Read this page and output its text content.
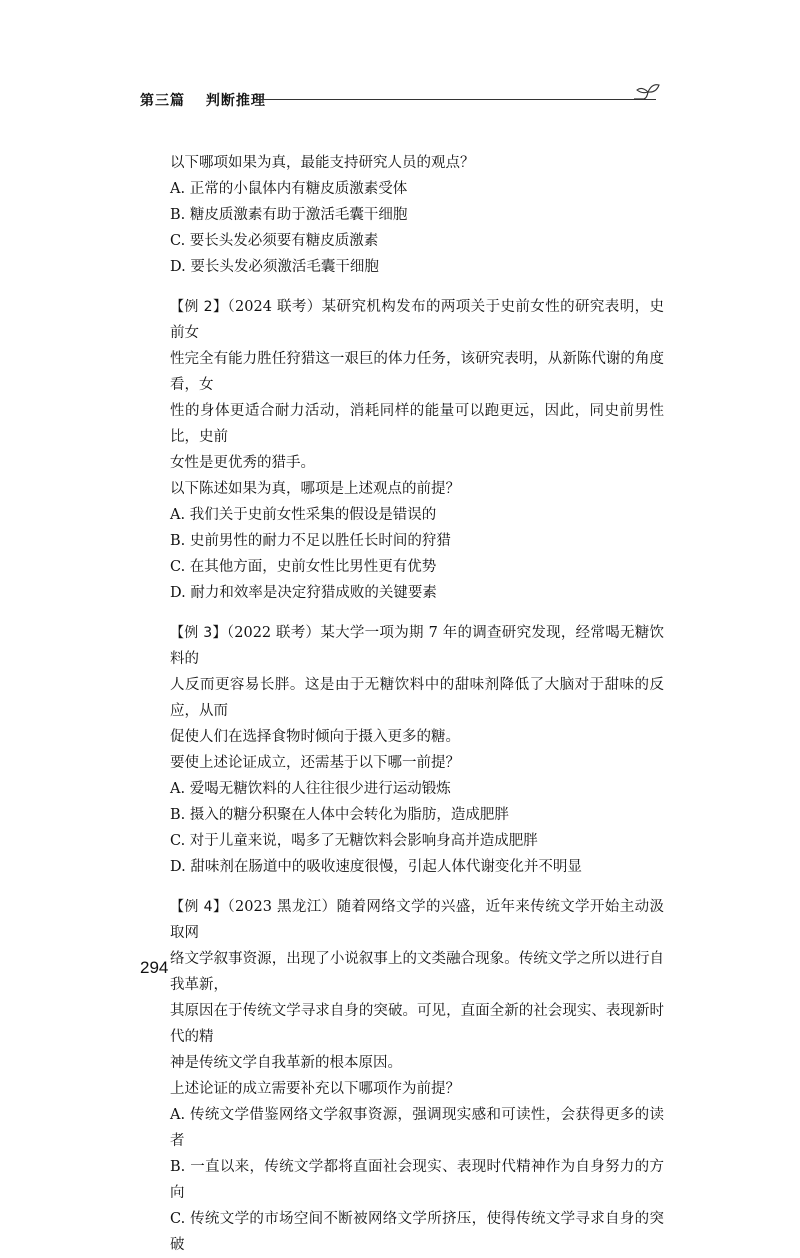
第三篇　 判断推理

以下哪项如果为真，最能支持研究人员的观点？

A. 正常的小鼠体内有糖皮质激素受体

B. 糖皮质激素有助于激活毛囊干细胞

C. 要长头发必须要有糖皮质激素

D. 要长头发必须激活毛囊干细胞

【例 2】（2024 联考）某研究机构发布的两项关于史前女性的研究表明，史前女
性完全有能力胜任狩猎这一艰巨的体力任务，该研究表明，从新陈代谢的角度看，女
性的身体更适合耐力活动，消耗同样的能量可以跑更远，因此，同史前男性比，史前
女性是更优秀的猎手。

以下陈述如果为真，哪项是上述观点的前提？

A. 我们关于史前女性采集的假设是错误的

B. 史前男性的耐力不足以胜任长时间的狩猎

C. 在其他方面，史前女性比男性更有优势

D. 耐力和效率是决定狩猎成败的关键要素

【例 3】（2022 联考）某大学一项为期 7 年的调查研究发现，经常喝无糖饮料的
人反而更容易长胖。这是由于无糖饮料中的甜味剂降低了大脑对于甜味的反应，从而
促使人们在选择食物时倾向于摄入更多的糖。

要使上述论证成立，还需基于以下哪一前提？

A. 爱喝无糖饮料的人往往很少进行运动锻炼

B. 摄入的糖分积聚在人体中会转化为脂肪，造成肥胖

C. 对于儿童来说，喝多了无糖饮料会影响身高并造成肥胖

D. 甜味剂在肠道中的吸收速度很慢，引起人体代谢变化并不明显

【例 4】（2023 黑龙江）随着网络文学的兴盛，近年来传统文学开始主动汲取网
络文学叙事资源，出现了小说叙事上的文类融合现象。传统文学之所以进行自我革新，
其原因在于传统文学寻求自身的突破。可见，直面全新的社会现实、表现新时代的精
神是传统文学自我革新的根本原因。

上述论证的成立需要补充以下哪项作为前提？

A. 传统文学借鉴网络文学叙事资源，强调现实感和可读性，会获得更多的读者

B. 一直以来，传统文学都将直面社会现实、表现时代精神作为自身努力的方向

C. 传统文学的市场空间不断被网络文学所挤压，使得传统文学寻求自身的突破

294
